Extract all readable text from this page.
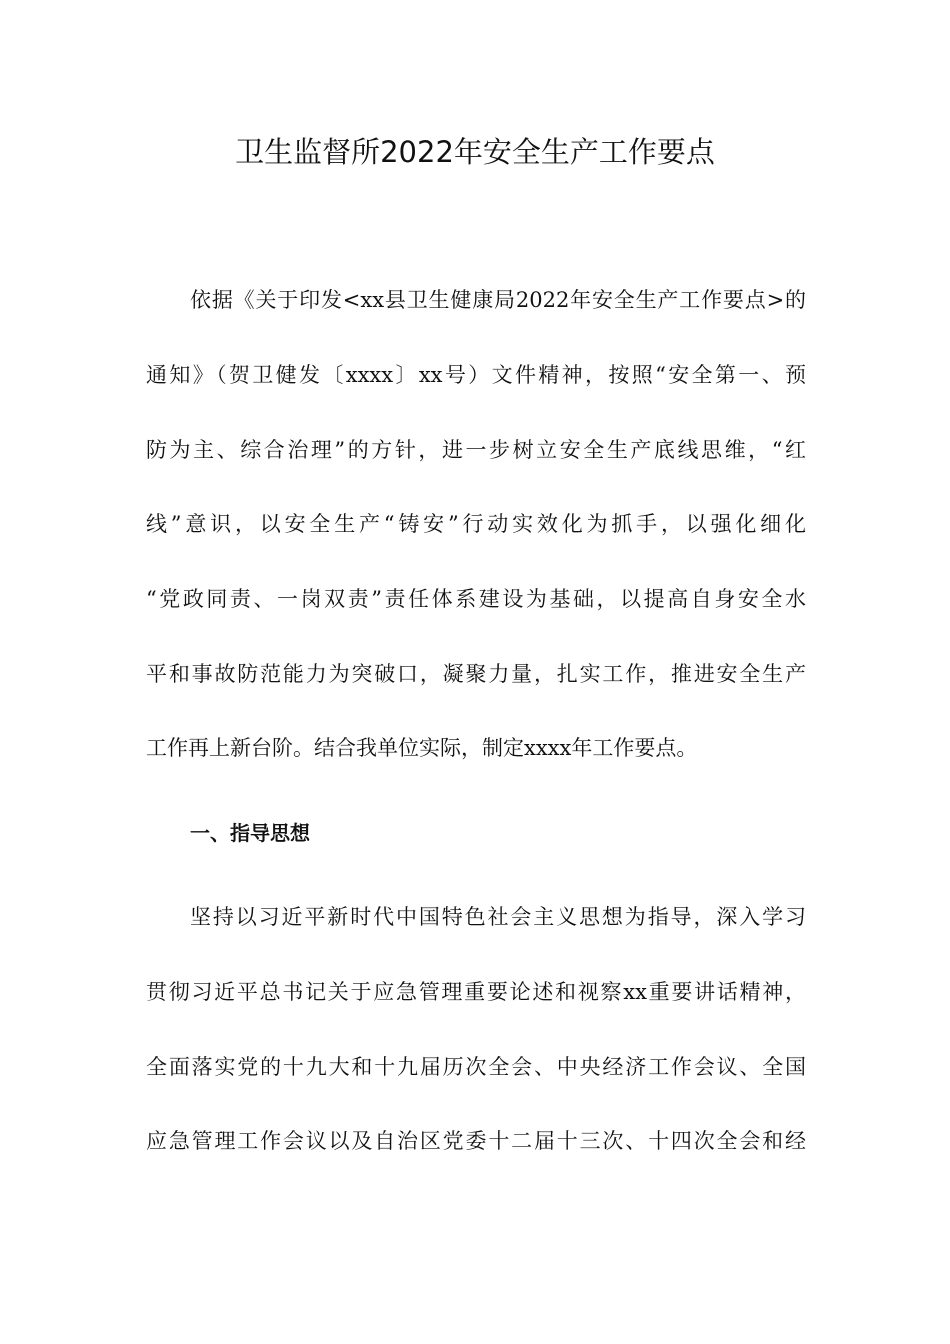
卫生监督所2022年安全生产工作要点
依据《关于印发<xx县卫生健康局2022年安全生产工作要点>的
通知》（贺卫健发〔xxxx〕xx号）文件精神，按照“安全第一、预
防为主、综合治理”的方针，进一步树立安全生产底线思维，“红
线”意识，以安全生产“铸安”行动实效化为抓手，以强化细化
“党政同责、一岗双责”责任体系建设为基础，以提高自身安全水
平和事故防范能力为突破口，凝聚力量，扎实工作，推进安全生产
工作再上新台阶。结合我单位实际，制定xxxx年工作要点。
一、指导思想
坚持以习近平新时代中国特色社会主义思想为指导，深入学习
贯彻习近平总书记关于应急管理重要论述和视察xx重要讲话精神，
全面落实党的十九大和十九届历次全会、中央经济工作会议、全国
应急管理工作会议以及自治区党委十二届十三次、十四次全会和经
